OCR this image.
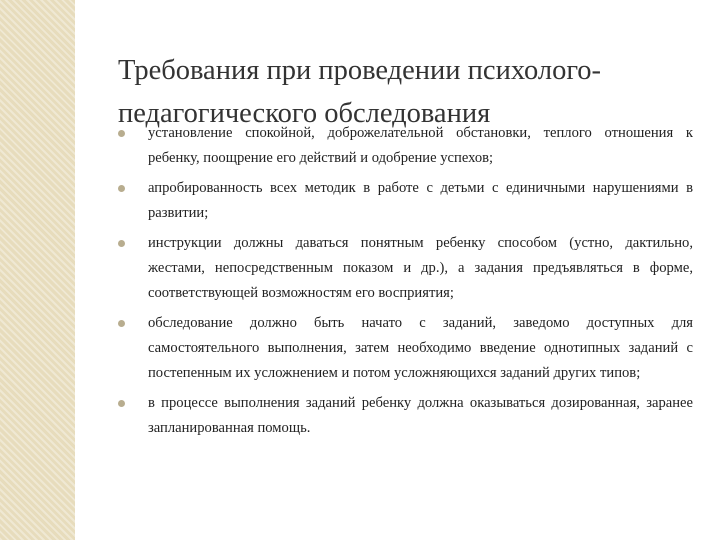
Требования при проведении психолого-
педагогического обследования
установление спокойной, доброжелательной обстановки, теплого отношения к ребенку, поощрение его действий и одобрение успехов;
апробированность всех методик в работе с детьми с единичными нарушениями в развитии;
инструкции должны даваться понятным ребенку способом (устно, дактильно, жестами, непосредственным показом и др.), а задания предъявляться в форме, соответствующей возможностям его восприятия;
обследование должно быть начато с заданий, заведомо доступных для самостоятельного выполнения, затем необходимо введение однотипных заданий с постепенным их усложнением и потом усложняющихся заданий других типов;
в процессе выполнения заданий ребенку должна оказываться дозированная, заранее запланированная помощь.
